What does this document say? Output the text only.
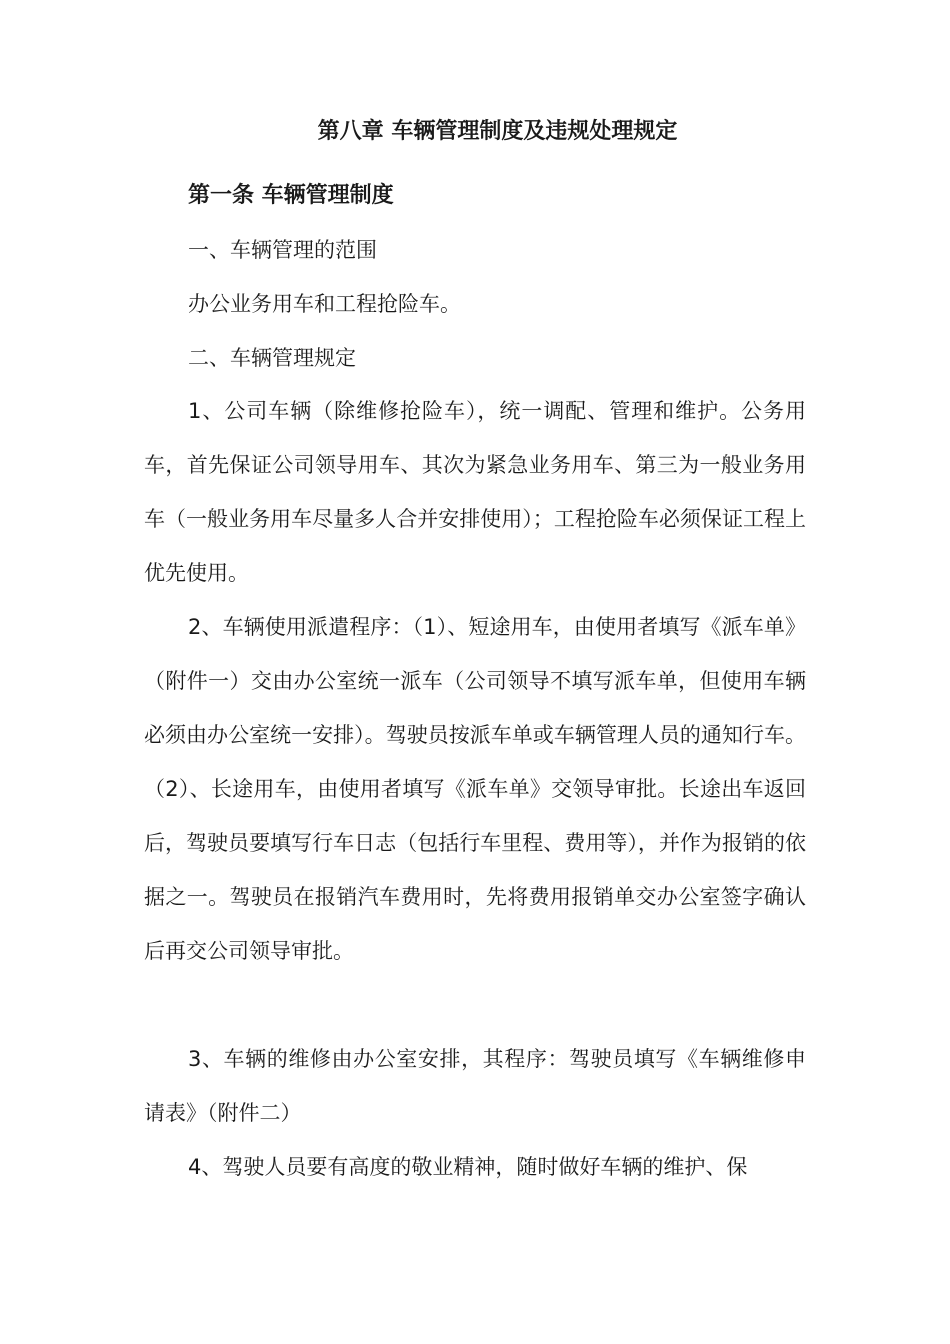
第八章 车辆管理制度及违规处理规定
第一条 车辆管理制度

一、车辆管理的范围

办公业务用车和工程抢险车。

二、车辆管理规定

1、公司车辆（除维修抢险车），统一调配、管理和维护。公务用车，首先保证公司领导用车、其次为紧急业务用车、第三为一般业务用车（一般业务用车尽量多人合并安排使用）；工程抢险车必须保证工程上优先使用。

2、车辆使用派遣程序：（1）、短途用车，由使用者填写《派车单》（附件一）交由办公室统一派车（公司领导不填写派车单，但使用车辆必须由办公室统一安排）。驾驶员按派车单或车辆管理人员的通知行车。（2）、长途用车，由使用者填写《派车单》交领导审批。长途出车返回后，驾驶员要填写行车日志（包括行车里程、费用等），并作为报销的依据之一。驾驶员在报销汽车费用时，先将费用报销单交办公室签字确认后再交公司领导审批。

3、车辆的维修由办公室安排，其程序：驾驶员填写《车辆维修申请表》（附件二）

4、驾驶人员要有高度的敬业精神，随时做好车辆的维护、保
